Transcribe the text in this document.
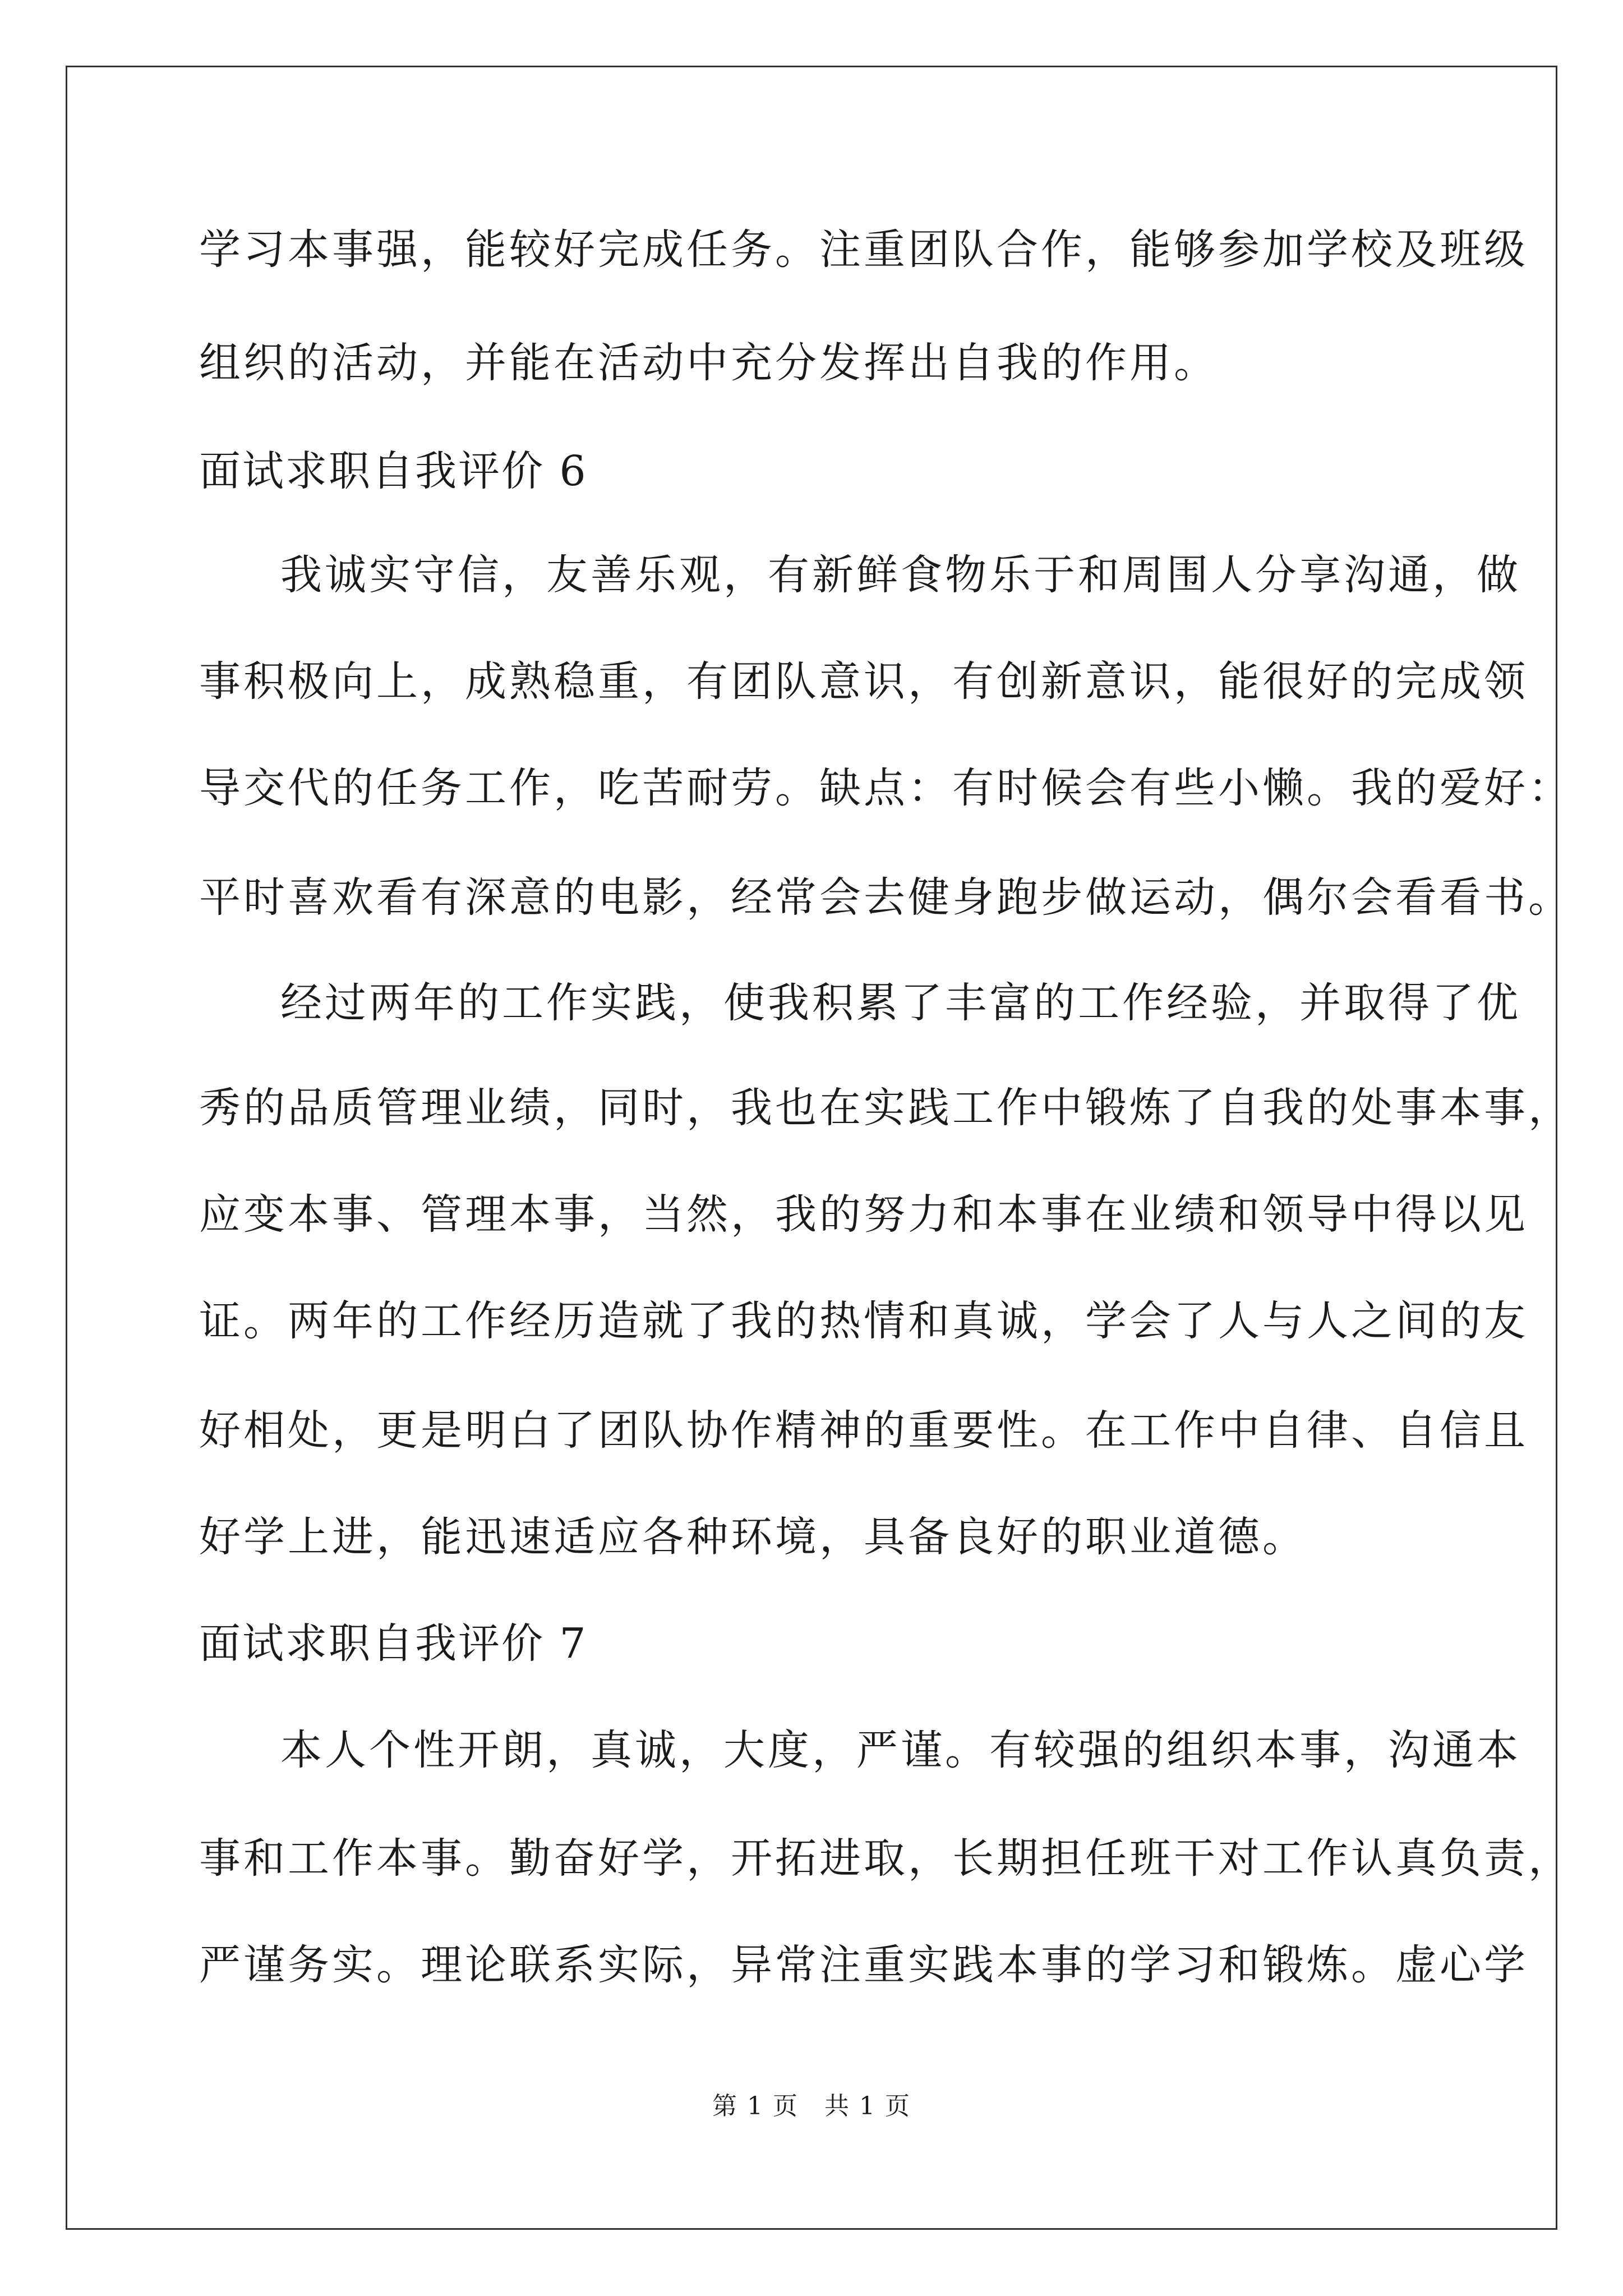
学习本事强，能较好完成任务。注重团队合作，能够参加学校及班级
组织的活动，并能在活动中充分发挥出自我的作用。
面试求职自我评价 6
我诚实守信，友善乐观，有新鲜食物乐于和周围人分享沟通，做
事积极向上，成熟稳重，有团队意识，有创新意识，能很好的完成领
导交代的任务工作，吃苦耐劳。缺点：有时候会有些小懒。我的爱好：
平时喜欢看有深意的电影，经常会去健身跑步做运动，偶尔会看看书。
经过两年的工作实践，使我积累了丰富的工作经验，并取得了优
秀的品质管理业绩，同时，我也在实践工作中锻炼了自我的处事本事，
应变本事、管理本事，当然，我的努力和本事在业绩和领导中得以见
证。两年的工作经历造就了我的热情和真诚，学会了人与人之间的友
好相处，更是明白了团队协作精神的重要性。在工作中自律、自信且
好学上进，能迅速适应各种环境，具备良好的职业道德。
面试求职自我评价 7
本人个性开朗，真诚，大度，严谨。有较强的组织本事，沟通本
事和工作本事。勤奋好学，开拓进取，长期担任班干对工作认真负责，
严谨务实。理论联系实际，异常注重实践本事的学习和锻炼。虚心学
第 1 页　共 1 页
